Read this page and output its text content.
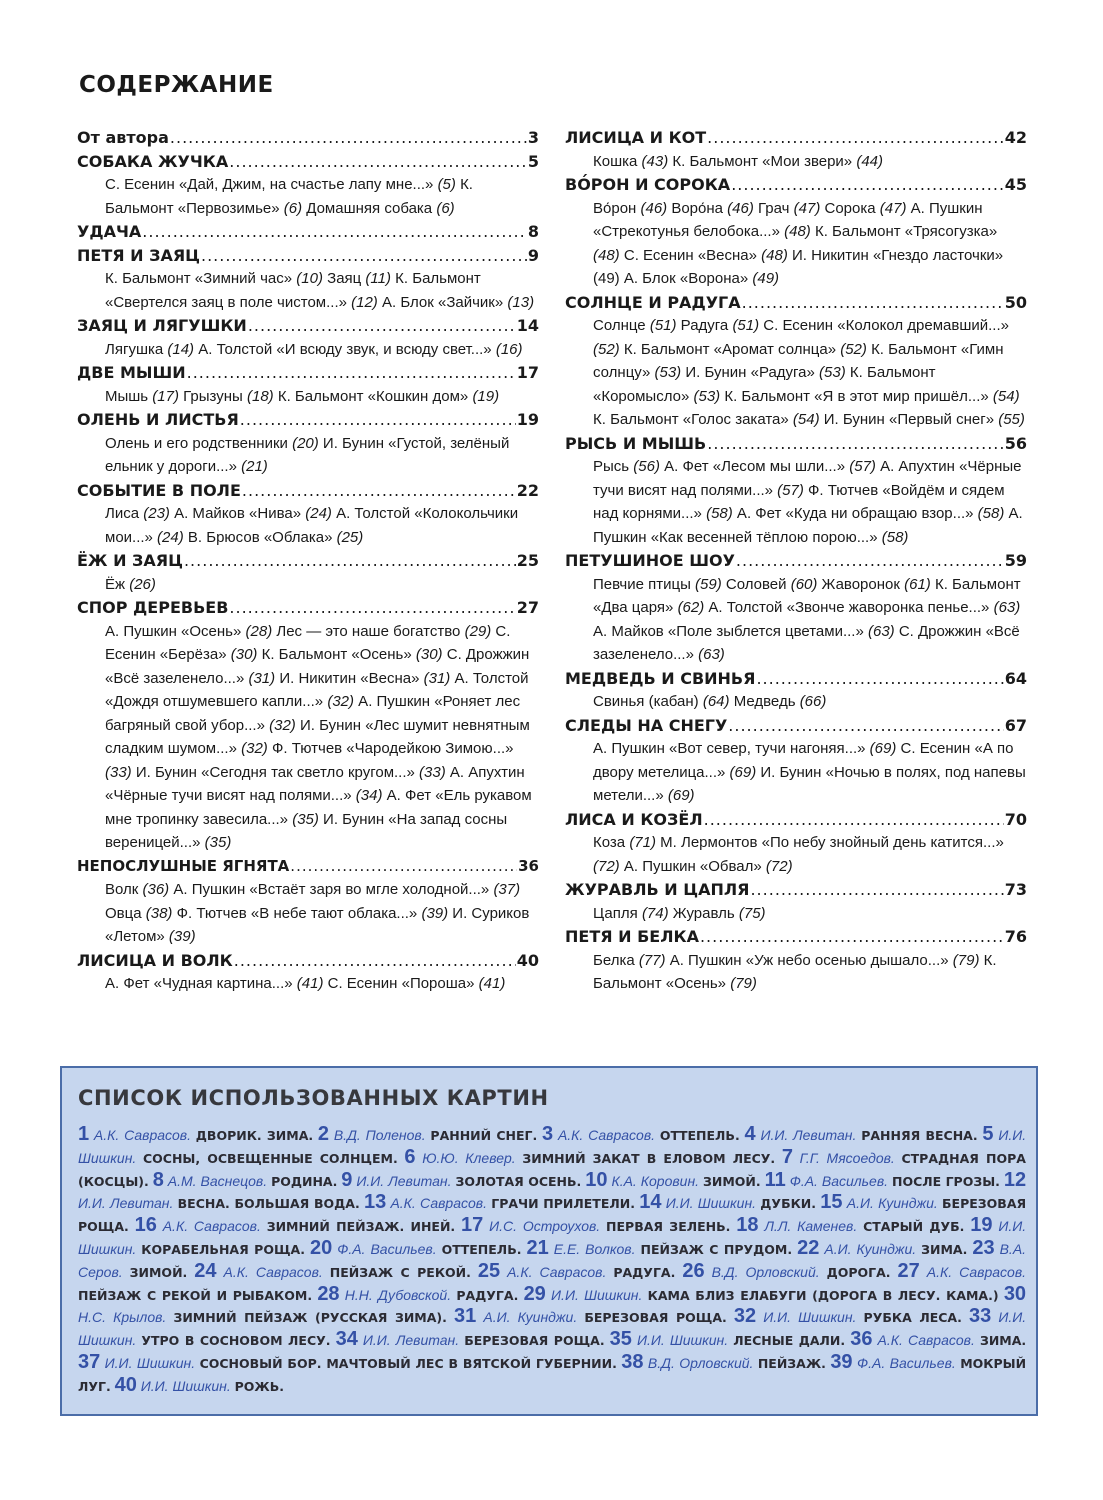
СОДЕРЖАНИЕ
От автора .....	3
СОБАКА ЖУЧКА .....	5
С. Есенин «Дай, Джим, на счастье лапу мне...» (5) К. Бальмонт «Первозимье» (6) Домашняя собака (6)
УДАЧА .....	8
ПЕТЯ И ЗАЯЦ .....	9
К. Бальмонт «Зимний час» (10) Заяц (11) К. Бальмонт «Свертелся заяц в поле чистом...» (12) А. Блок «Зайчик» (13)
ЗАЯЦ И ЛЯГУШКИ .....	14
Лягушка (14) А. Толстой «И всюду звук, и всюду свет...» (16)
ДВЕ МЫШИ .....	17
Мышь (17) Грызуны (18) К. Бальмонт «Кошкин дом» (19)
ОЛЕНЬ И ЛИСТЬЯ .....	19
Олень и его родственники (20) И. Бунин «Густой, зелёный ельник у дороги...» (21)
СОБЫТИЕ В ПОЛЕ .....	22
Лиса (23) А. Майков «Нива» (24) А. Толстой «Колокольчики мои...» (24) В. Брюсов «Облака» (25)
ЁЖ И ЗАЯЦ .....	25
Ёж (26)
СПОР ДЕРЕВЬЕВ .....	27
А. Пушкин «Осень» (28) Лес — это наше богатство (29) С. Есенин «Берёза» (30) К. Бальмонт «Осень» (30) С. Дрожжин «Всё зазеленело...» (31) И. Никитин «Весна» (31) А. Толстой «Дождя отшумевшего капли...» (32) А. Пушкин «Роняет лес багряный свой убор...» (32) И. Бунин «Лес шумит невнятным сладким шумом...» (32) Ф. Тютчев «Чародейкою Зимою...» (33) И. Бунин «Сегодня так светло кругом...» (33) А. Апухтин «Чёрные тучи висят над полями...» (34) А. Фет «Ель рукавом мне тропинку завесила...» (35) И. Бунин «На запад сосны вереницей...» (35)
НЕПОСЛУШНЫЕ ЯГНЯТА .....	36
Волк (36) А. Пушкин «Встаёт заря во мгле холодной...» (37) Овца (38) Ф. Тютчев «В небе тают облака...» (39) И. Суриков «Летом» (39)
ЛИСИЦА И ВОЛК .....	40
А. Фет «Чудная картина...» (41) С. Есенин «Пороша» (41)
ЛИСИЦА И КОТ .....	42
Кошка (43) К. Бальмонт «Мои звери» (44)
ВО́РОН И СОРОКА .....	45
Во́рон (46) Воро́на (46) Грач (47) Сорока (47) А. Пушкин «Стрекотунья белобока...» (48) К. Бальмонт «Трясогузка» (48) С. Есенин «Весна» (48) И. Никитин «Гнездо ласточки» (49) А. Блок «Ворона» (49)
СОЛНЦЕ И РАДУГА .....	50
Солнце (51) Радуга (51) С. Есенин «Колокол дремавший...» (52) К. Бальмонт «Аромат солнца» (52) К. Бальмонт «Гимн солнцу» (53) И. Бунин «Радуга» (53) К. Бальмонт «Коромысло» (53) К. Бальмонт «Я в этот мир пришёл...» (54) К. Бальмонт «Голос заката» (54) И. Бунин «Первый снег» (55)
РЫСЬ И МЫШЬ .....	56
Рысь (56) А. Фет «Лесом мы шли...» (57) А. Апухтин «Чёрные тучи висят над полями...» (57) Ф. Тютчев «Войдём и сядем над корнями...» (58) А. Фет «Куда ни обращаю взор...» (58) А. Пушкин «Как весенней тёплою порою...» (58)
ПЕТУШИНОЕ ШОУ .....	59
Певчие птицы (59) Соловей (60) Жаворонок (61) К. Бальмонт «Два царя» (62) А. Толстой «Звонче жаворонка пенье...» (63) А. Майков «Поле зыблется цветами...» (63) С. Дрожжин «Всё зазеленело...» (63)
МЕДВЕДЬ И СВИНЬЯ .....	64
Свинья (кабан) (64) Медведь (66)
СЛЕДЫ НА СНЕГУ .....	67
А. Пушкин «Вот север, тучи нагоняя...» (69) С. Есенин «А по двору метелица...» (69) И. Бунин «Ночью в полях, под напевы метели...» (69)
ЛИСА И КОЗЁЛ .....	70
Коза (71) М. Лермонтов «По небу знойный день катится...» (72) А. Пушкин «Обвал» (72)
ЖУРАВЛЬ И ЦАПЛЯ .....	73
Цапля (74) Журавль (75)
ПЕТЯ И БЕЛКА .....	76
Белка (77) А. Пушкин «Уж небо осенью дышало...» (79) К. Бальмонт «Осень» (79)
СПИСОК ИСПОЛЬЗОВАННЫХ КАРТИН
1 А.К. Саврасов. ДВОРИК. ЗИМА. 2 В.Д. Поленов. РАННИЙ СНЕГ. 3 А.К. Саврасов. ОТТЕПЕЛЬ. 4 И.И. Левитан. РАННЯЯ ВЕСНА. 5 И.И. Шишкин. СОСНЫ, ОСВЕЩЕННЫЕ СОЛНЦЕМ. 6 Ю.Ю. Клевер. ЗИМНИЙ ЗАКАТ В ЕЛОВОМ ЛЕСУ. 7 Г.Г. Мясоедов. СТРАДНАЯ ПОРА (КОСЦЫ). 8 А.М. Васнецов. РОДИНА. 9 И.И. Левитан. ЗОЛОТАЯ ОСЕНЬ. 10 К.А. Коровин. ЗИМОЙ. 11 Ф.А. Васильев. ПОСЛЕ ГРОЗЫ. 12 И.И. Левитан. ВЕСНА. БОЛЬШАЯ ВОДА. 13 А.К. Саврасов. ГРАЧИ ПРИЛЕТЕЛИ. 14 И.И. Шишкин. ДУБКИ. 15 А.И. Куинджи. БЕРЕЗОВАЯ РОЩА. 16 А.К. Саврасов. ЗИМНИЙ ПЕЙЗАЖ. ИНЕЙ. 17 И.С. Остроухов. ПЕРВАЯ ЗЕЛЕНЬ. 18 Л.Л. Каменев. СТАРЫЙ ДУБ. 19 И.И. Шишкин. КОРАБЕЛЬНАЯ РОЩА. 20 Ф.А. Васильев. ОТТЕПЕЛЬ. 21 Е.Е. Волков. ПЕЙЗАЖ С ПРУДОМ. 22 А.И. Куинджи. ЗИМА. 23 В.А. Серов. ЗИМОЙ. 24 А.К. Саврасов. ПЕЙЗАЖ С РЕКОЙ. 25 А.К. Саврасов. РАДУГА. 26 В.Д. Орловский. ДОРОГА. 27 А.К. Саврасов. ПЕЙЗАЖ С РЕКОЙ И РЫБАКОМ. 28 Н.Н. Дубовской. РАДУГА. 29 И.И. Шишкин. КАМА БЛИЗ ЕЛАБУГИ (ДОРОГА В ЛЕСУ. КАМА.) 30 Н.С. Крылов. ЗИМНИЙ ПЕЙЗАЖ (РУССКАЯ ЗИМА). 31 А.И. Куинджи. БЕРЕЗОВАЯ РОЩА. 32 И.И. Шишкин. РУБКА ЛЕСА. 33 И.И. Шишкин. УТРО В СОСНОВОМ ЛЕСУ. 34 И.И. Левитан. БЕРЕЗОВАЯ РОЩА. 35 И.И. Шишкин. ЛЕСНЫЕ ДАЛИ. 36 А.К. Саврасов. ЗИМА. 37 И.И. Шишкин. СОСНОВЫЙ БОР. МАЧТОВЫЙ ЛЕС В ВЯТСКОЙ ГУБЕРНИИ. 38 В.Д. Орловский. ПЕЙЗАЖ. 39 Ф.А. Васильев. МОКРЫЙ ЛУГ. 40 И.И. Шишкин. РОЖЬ.
